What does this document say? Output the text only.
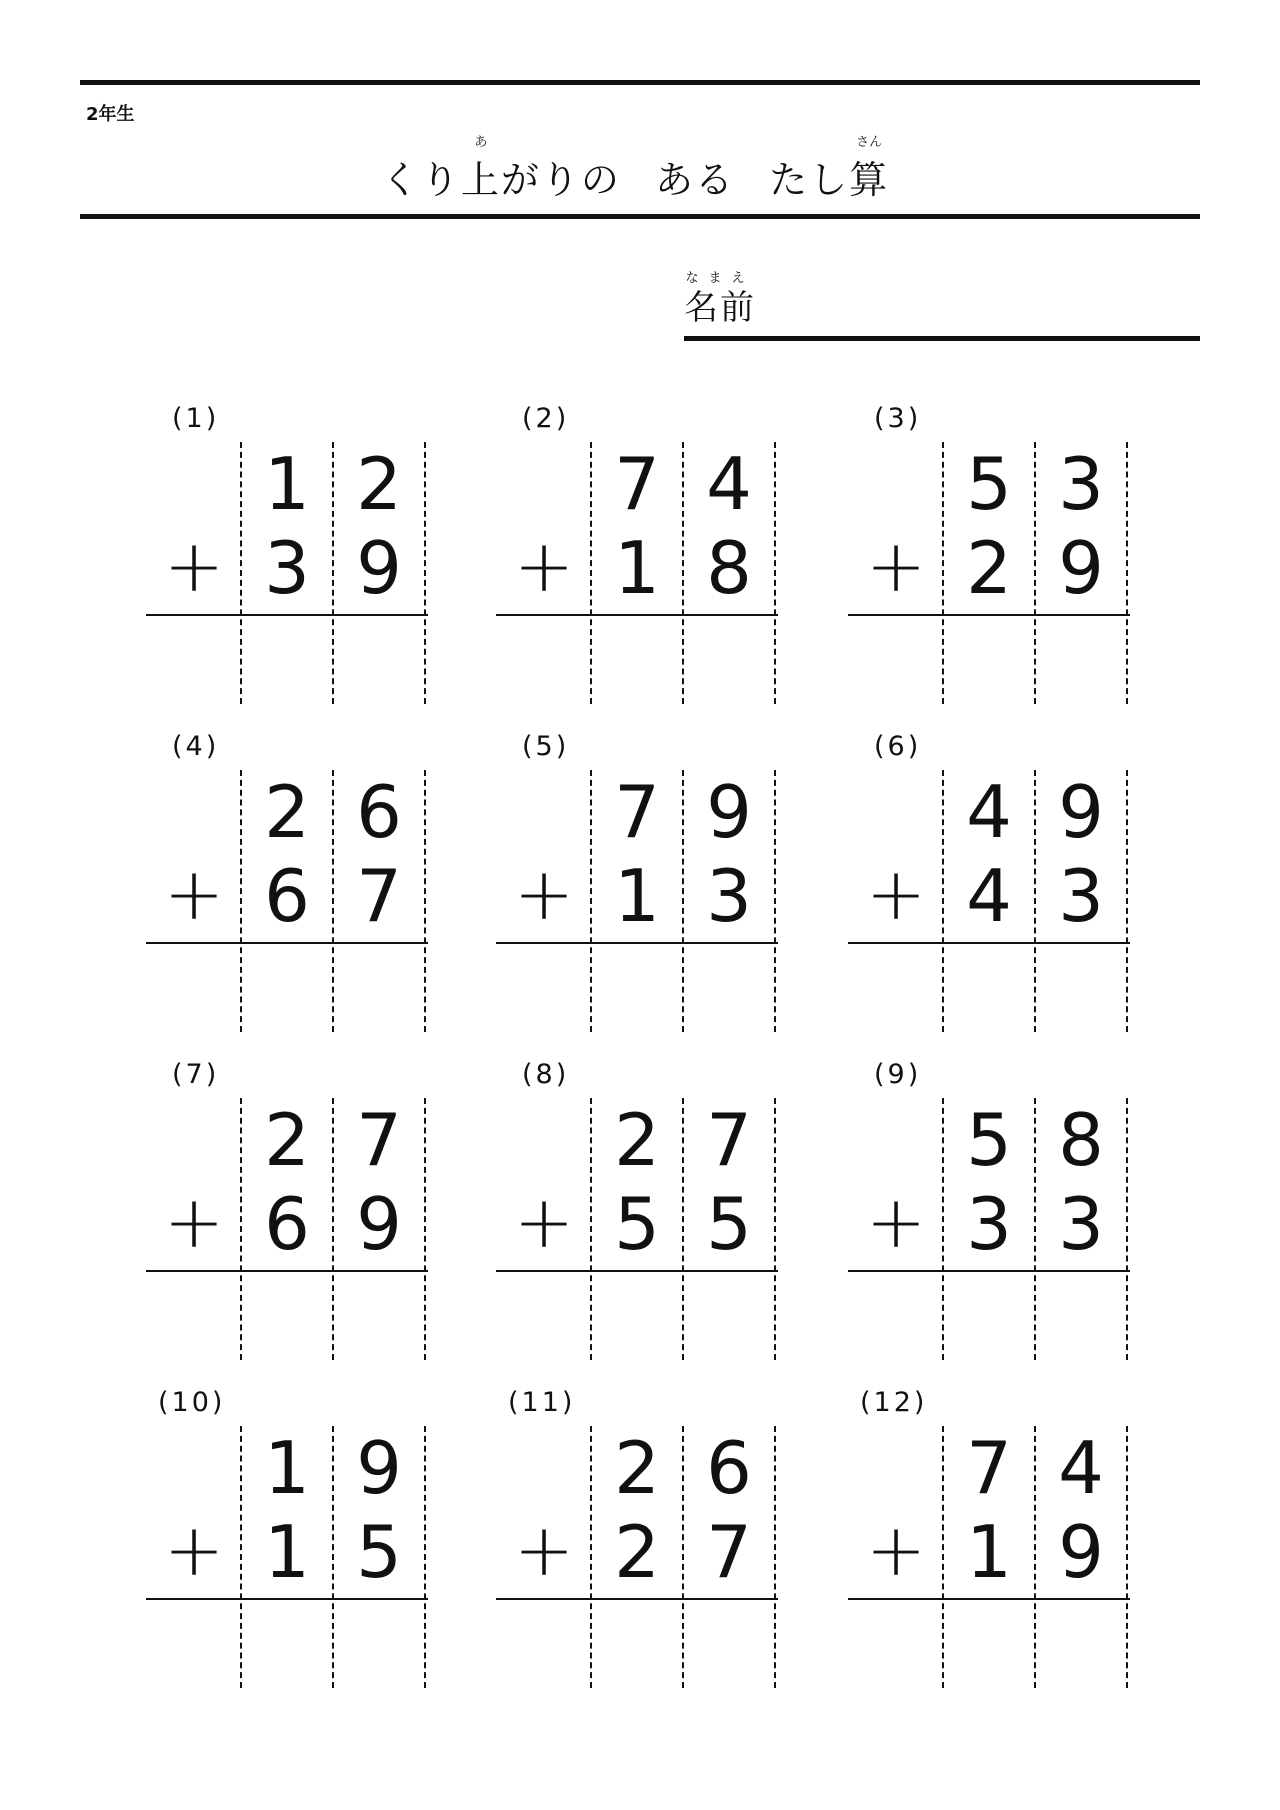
2年生
くり
あ
上がりの ある たし
さん
算
なまえ
名前
(1)
1 2
3 9
+
(2)
7 4
1 8
+
(3)
5 3
2 9
+
(4)
2 6
6 7
+
(5)
7 9
1 3
+
(6)
4 9
4 3
+
(7)
2 7
6 9
+
(8)
2 7
5 5
+
(9)
5 8
3 3
+
(10)
1 9
1 5
+
(11)
2 6
2 7
+
(12)
7 4
1 9
+
